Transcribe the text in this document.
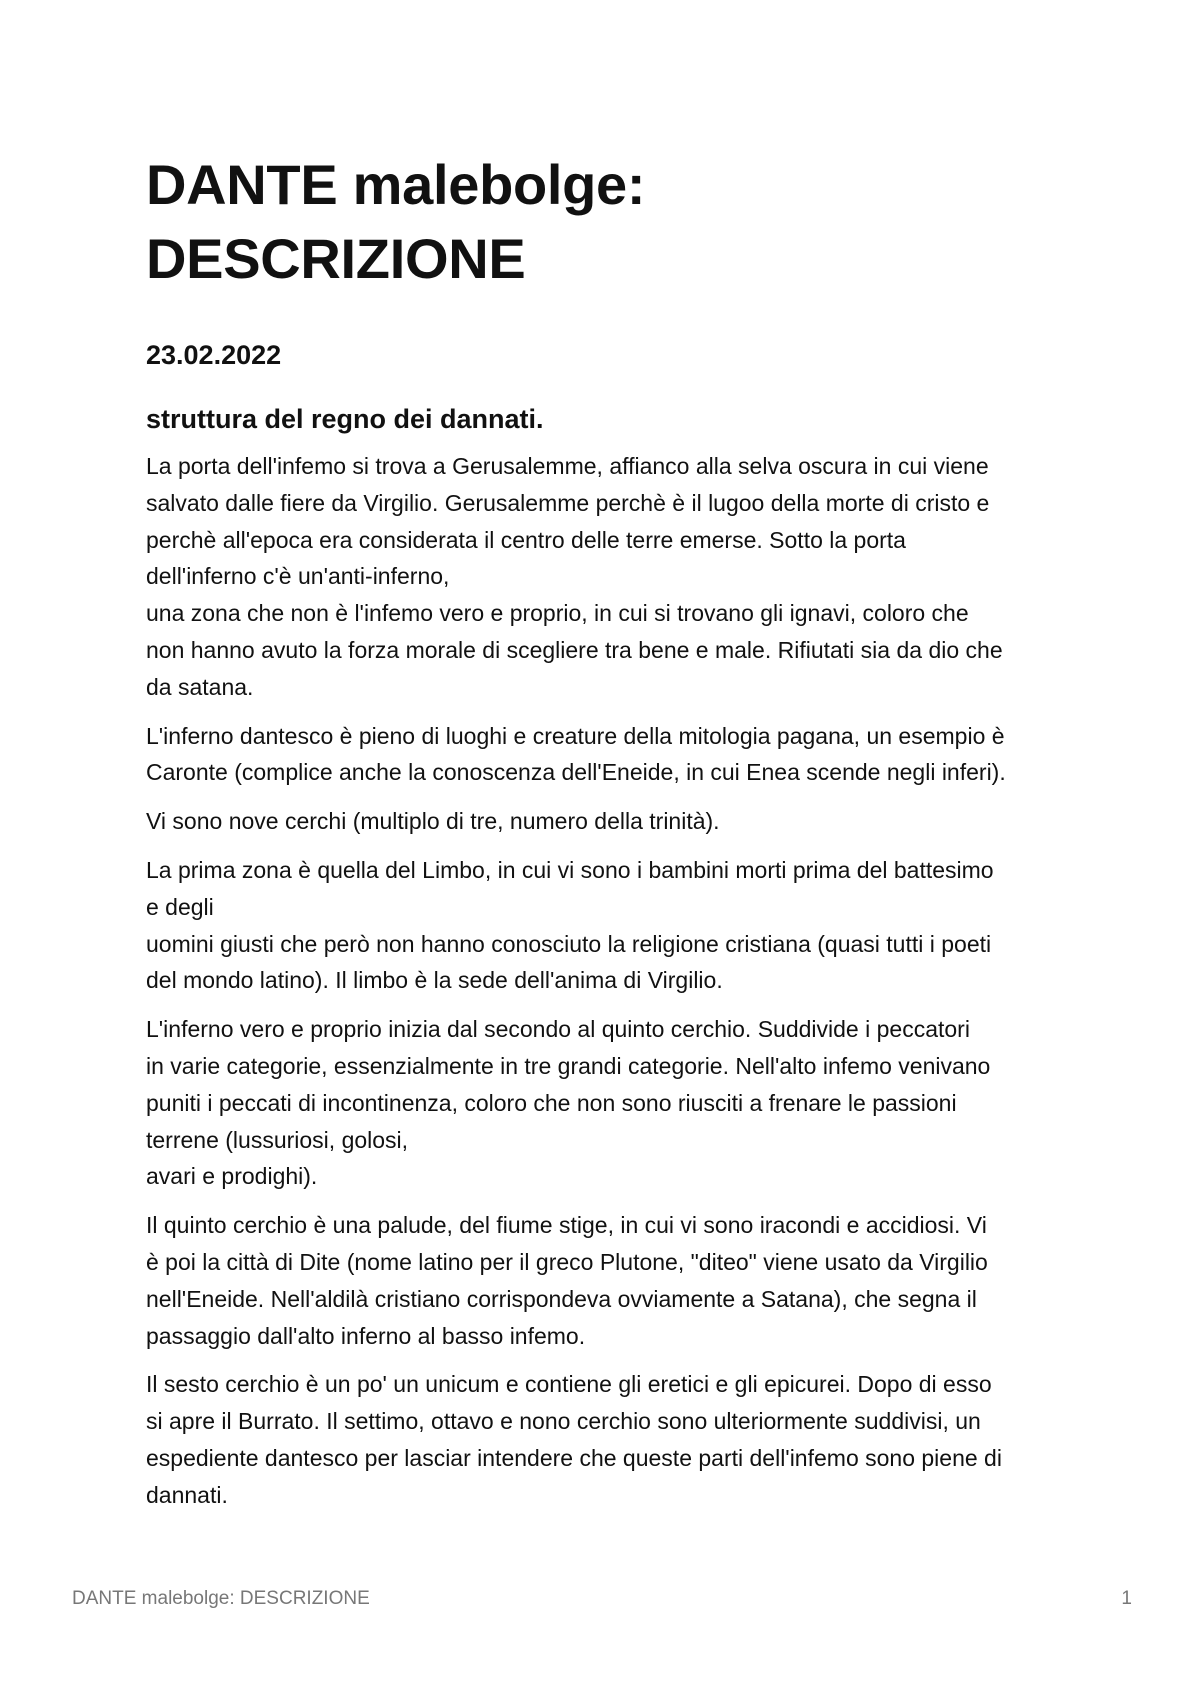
DANTE malebolge:
DESCRIZIONE

23.02.2022

struttura del regno dei dannati.

La porta dell'infemo si trova a Gerusalemme, affianco alla selva oscura in cui viene
salvato dalle fiere da Virgilio. Gerusalemme perchè è il lugoo della morte di cristo e
perchè all'epoca era considerata il centro delle terre emerse. Sotto la porta
dell'inferno c'è un'anti-inferno,
una zona che non è l'infemo vero e proprio, in cui si trovano gli ignavi, coloro che
non hanno avuto la forza morale di scegliere tra bene e male. Rifiutati sia da dio che
da satana.

L'inferno dantesco è pieno di luoghi e creature della mitologia pagana, un esempio è
Caronte (complice anche la conoscenza dell'Eneide, in cui Enea scende negli inferi).

Vi sono nove cerchi (multiplo di tre, numero della trinità).

La prima zona è quella del Limbo, in cui vi sono i bambini morti prima del battesimo
e degli
uomini giusti che però non hanno conosciuto la religione cristiana (quasi tutti i poeti
del mondo latino). Il limbo è la sede dell'anima di Virgilio.

L'inferno vero e proprio inizia dal secondo al quinto cerchio. Suddivide i peccatori
in varie categorie, essenzialmente in tre grandi categorie. Nell'alto infemo venivano
puniti i peccati di incontinenza, coloro che non sono riusciti a frenare le passioni
terrene (lussuriosi, golosi,
avari e prodighi).

Il quinto cerchio è una palude, del fiume stige, in cui vi sono iracondi e accidiosi. Vi
è poi la città di Dite (nome latino per il greco Plutone, "diteo" viene usato da Virgilio
nell'Eneide. Nell'aldilà cristiano corrispondeva ovviamente a Satana), che segna il
passaggio dall'alto inferno al basso infemo.

Il sesto cerchio è un po' un unicum e contiene gli eretici e gli epicurei. Dopo di esso
si apre il Burrato. Il settimo, ottavo e nono cerchio sono ulteriormente suddivisi, un
espediente dantesco per lasciar intendere che queste parti dell'infemo sono piene di
dannati.

DANTE malebolge: DESCRIZIONE	1
